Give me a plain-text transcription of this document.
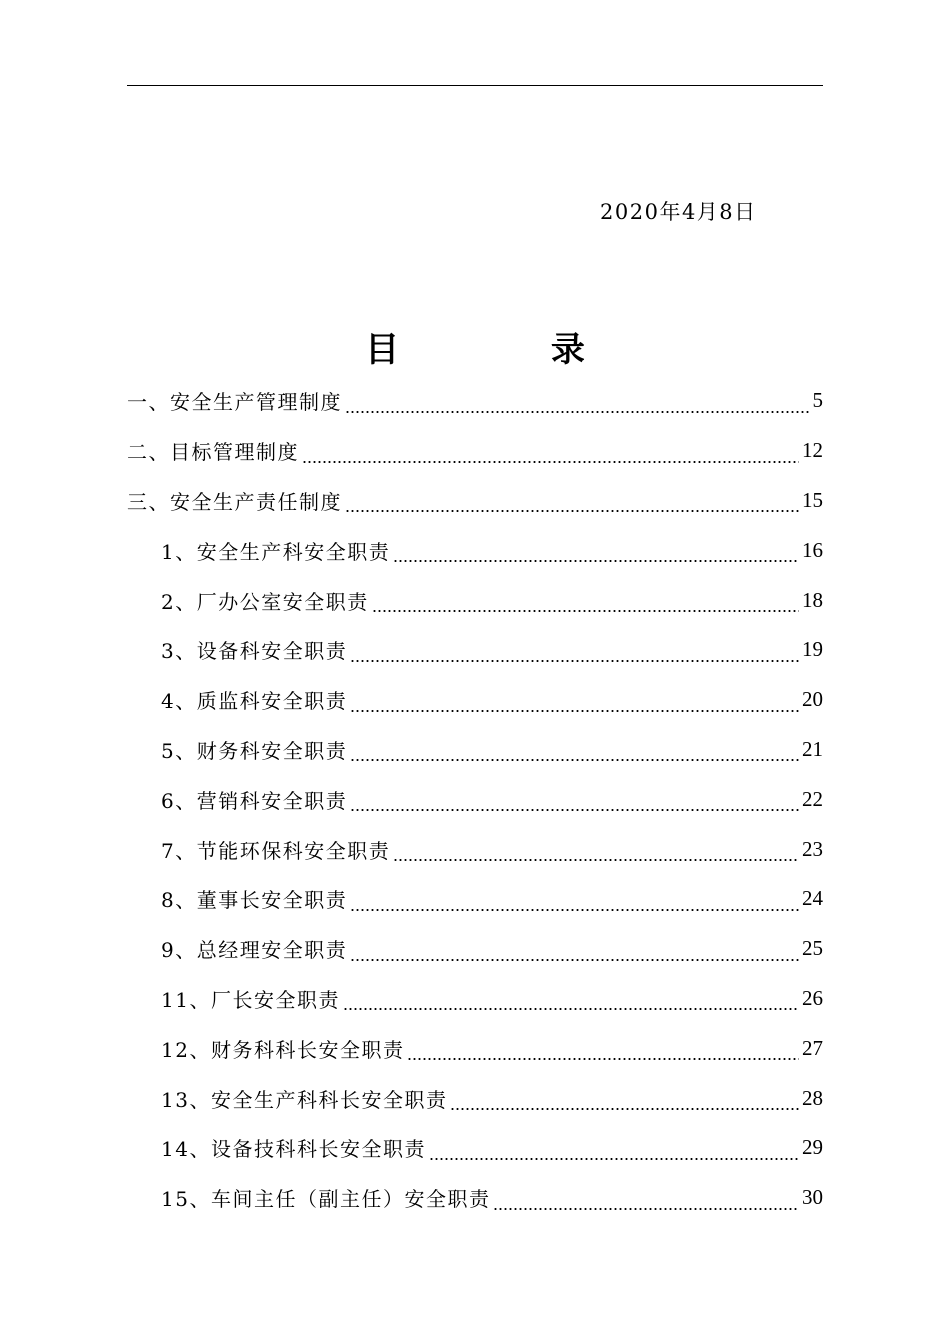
2020年4月8日
目 录
一、安全生产管理制度	5
二、目标管理制度	12
三、安全生产责任制度	15
1、安全生产科安全职责	16
2、厂办公室安全职责	18
3、设备科安全职责	19
4、质监科安全职责	20
5、财务科安全职责	21
6、营销科安全职责	22
7、节能环保科安全职责	23
8、董事长安全职责	24
9、总经理安全职责	25
11、厂长安全职责	26
12、财务科科长安全职责	27
13、安全生产科科长安全职责	28
14、设备技科科长安全职责	29
15、车间主任（副主任）安全职责	30
